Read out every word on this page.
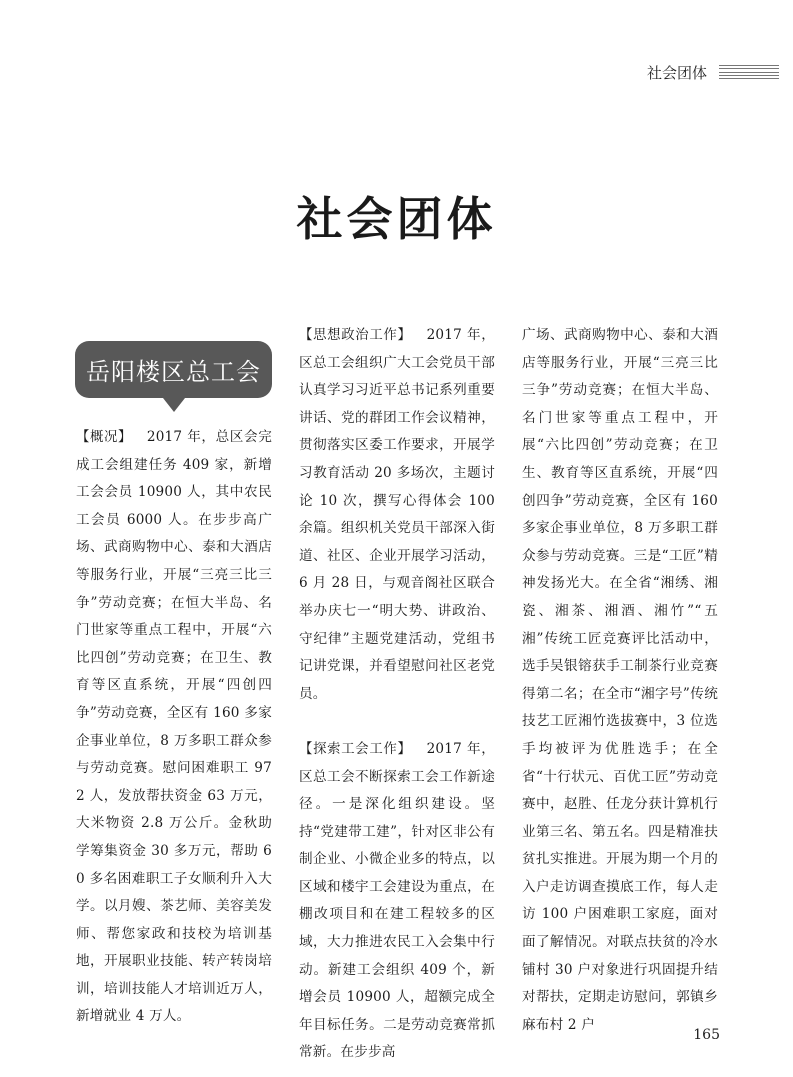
社会团体
社会团体
岳阳楼区总工会

【概况】 2017 年，总区会完成工会组建任务 409 家，新增工会会员 10900 人，其中农民工会员 6000 人。在步步高广场、武商购物中心、泰和大酒店等服务行业，开展“三亮三比三争”劳动竞赛；在恒大半岛、名门世家等重点工程中，开展“六比四创”劳动竞赛；在卫生、教育等区直系统，开展“四创四争”劳动竞赛，全区有 160 多家企事业单位，8 万多职工群众参与劳动竞赛。慰问困难职工 972 人，发放帮扶资金 63 万元，大米物资 2.8 万公斤。金秋助学筹集资金 30 多万元，帮助 60 多名困难职工子女顺利升入大学。以月嫂、茶艺师、美容美发师、帮您家政和技校为培训基地，开展职业技能、转产转岗培训，培训技能人才培训近万人，新增就业 4 万人。

【思想政治工作】 2017 年，区总工会组织广大工会党员干部认真学习习近平总书记系列重要讲话、党的群团工作会议精神，贯彻落实区委工作要求，开展学习教育活动 20 多场次，主题讨论 10 次，撰写心得体会 100 余篇。组织机关党员干部深入街道、社区、企业开展学习活动，6 月 28 日，与观音阁社区联合举办庆七一“明大势、讲政治、守纪律”主题党建活动，党组书记讲党课，并看望慰问社区老党员。

【探索工会工作】 2017 年，区总工会不断探索工会工作新途径。一是深化组织建设。坚持“党建带工建”，针对区非公有制企业、小微企业多的特点，以区域和楼宇工会建设为重点，在棚改项目和在建工程较多的区域，大力推进农民工入会集中行动。新建工会组织 409 个，新增会员 10900 人，超额完成全年目标任务。二是劳动竞赛常抓常新。在步步高

广场、武商购物中心、泰和大酒店等服务行业，开展“三亮三比三争”劳动竞赛；在恒大半岛、名门世家等重点工程中，开展“六比四创”劳动竞赛；在卫生、教育等区直系统，开展“四创四争”劳动竞赛，全区有 160 多家企事业单位，8 万多职工群众参与劳动竞赛。三是“工匠”精神发扬光大。在全省“湘绣、湘瓷、湘茶、湘酒、湘竹”“五湘”传统工匠竞赛评比活动中，选手吴银镕获手工制茶行业竞赛得第二名；在全市“湘字号”传统技艺工匠湘竹选拔赛中，3 位选手均被评为优胜选手；在全省“十行状元、百优工匠”劳动竞赛中，赵胜、任龙分获计算机行业第三名、第五名。四是精准扶贫扎实推进。开展为期一个月的入户走访调查摸底工作，每人走访 100 户困难职工家庭，面对面了解情况。对联点扶贫的冷水铺村 30 户对象进行巩固提升结对帮扶，定期走访慰问，郭镇乡麻布村 2 户

165
